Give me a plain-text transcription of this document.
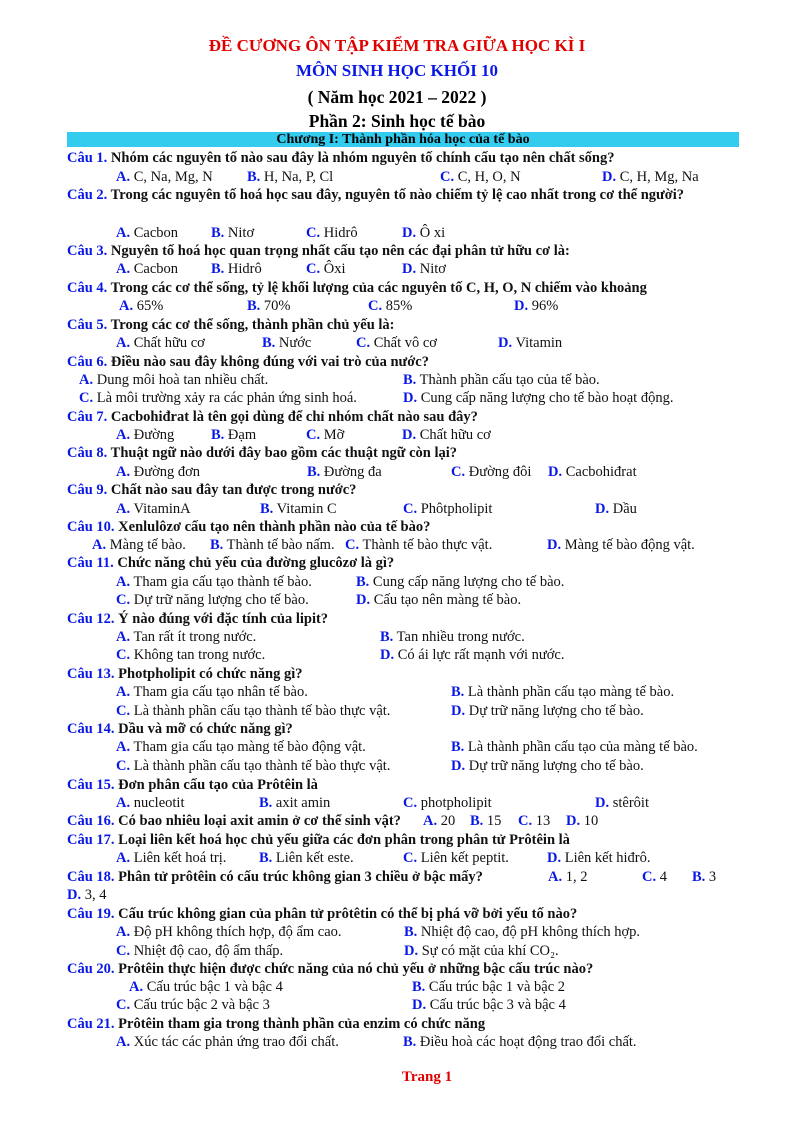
ĐỀ CƯƠNG ÔN TẬP KIỂM TRA GIỮA HỌC KÌ I
MÔN SINH HỌC KHỐI 10
( Năm học 2021 – 2022 )
Phần 2: Sinh học tế bào
Chương I: Thành phần hóa học của tế bào
Câu 1. Nhóm các nguyên tố nào sau đây là nhóm nguyên tố chính cấu tạo nên chất sống?
A. C, Na, Mg, N B. H, Na, P, Cl	C. C, H, O, N	D. C, H, Mg, Na
Câu 2. Trong các nguyên tố hoá học sau đây, nguyên tố nào chiếm tỷ lệ cao nhất trong cơ thể người?
A. Cacbon B. Nitơ	C. Hidrô	D. Ô xi
Câu 3. Nguyên tố hoá học quan trọng nhất cấu tạo nên các đại phân tử hữu cơ là:
A. Cacbon B. Hidrô	C. Ôxi	D. Nitơ
Câu 4. Trong các cơ thể sống, tỷ lệ khối lượng của các nguyên tố C, H, O, N chiếm vào khoảng
A. 65%	B. 70%	C. 85%	D. 96%
Câu 5. Trong các cơ thể sống, thành phần chủ yếu là:
A. Chất hữu cơ	B. Nước	C. Chất vô cơ	D. Vitamin
Câu 6. Điều nào sau đây không đúng với vai trò của nước?
A. Dung môi hoà tan nhiều chất.	B. Thành phần cấu tạo của tế bào.
C. Là môi trường xảy ra các phản ứng sinh hoá.	D. Cung cấp năng lượng cho tế bào hoạt động.
Câu 7. Cacbohiđrat là tên gọi dùng để chỉ nhóm chất nào sau đây?
A. Đường	B. Đạm	C. Mỡ	D. Chất hữu cơ
Câu 8. Thuật ngữ nào dưới đây bao gồm các thuật ngữ còn lại?
A. Đường đơn	B. Đường đa	C. Đường đôi D. Cacbohiđrat
Câu 9. Chất nào sau đây tan được trong nước?
A. VitaminA	B. Vitamin C	C. Phôtpholipit	D. Dầu
Câu 10. Xenlulôzơ cấu tạo nên thành phần nào của tế bào?
A. Màng tế bào. B. Thành tế bào nấm. C. Thành tế bào thực vật.	D. Màng tế bào động vật.
Câu 11. Chức năng chủ yếu của đường glucôzơ là gì?
A. Tham gia cấu tạo thành tế bào.	B. Cung cấp năng lượng cho tế bào.
C. Dự trữ năng lượng cho tế bào.	D. Cấu tạo nên màng tế bào.
Câu 12. Ý nào đúng với đặc tính của lipit?
A. Tan rất ít trong nước.	B. Tan nhiều trong nước.
C. Không tan trong nước.	D. Có ái lực rất mạnh với nước.
Câu 13. Photpholipit có chức năng gì?
A. Tham gia cấu tạo nhân tế bào.	B. Là thành phần cấu tạo màng tế bào.
C. Là thành phần cấu tạo thành tế bào thực vật.	D. Dự trữ năng lượng cho tế bào.
Câu 14. Dầu và mỡ có chức năng gì?
A. Tham gia cấu tạo màng tế bào động vật.	B. Là thành phần cấu tạo của màng tế bào.
C. Là thành phần cấu tạo thành tế bào thực vật.	D. Dự trữ năng lượng cho tế bào.
Câu 15. Đơn phân cấu tạo của Prôtêin là
A. nucleotit	B. axit amin	C. photpholipit	D. stêrôit
Câu 16. Có bao nhiêu loại axit amin ở cơ thể sinh vật?	A. 20 B. 15 C. 13 D. 10
Câu 17. Loại liên kết hoá học chủ yếu giữa các đơn phân trong phân tử Prôtêin là
A. Liên kết hoá trị. B. Liên kết este.	C. Liên kết peptit.	D. Liên kết hiđrô.
Câu 18. Phân tử prôtêin có cấu trúc không gian 3 chiều ở bậc mấy?	A. 1, 2	C. 4 B. 3
D. 3, 4
Câu 19. Cấu trúc không gian của phân tử prôtêtin có thể bị phá vỡ bởi yếu tố nào?
A. Độ pH không thích hợp, độ ẩm cao.	B. Nhiệt độ cao, độ pH không thích hợp.
C. Nhiệt độ cao, độ ẩm thấp.	D. Sự có mặt của khí CO₂.
Câu 20. Prôtêin thực hiện được chức năng của nó chủ yếu ở những bậc cấu trúc nào?
A. Cấu trúc bậc 1 và bậc 4	B. Cấu trúc bậc 1 và bậc 2
C. Cấu trúc bậc 2 và bậc 3	D. Cấu trúc bậc 3 và bậc 4
Câu 21. Prôtêin tham gia trong thành phần của enzim có chức năng
A. Xúc tác các phản ứng trao đổi chất.	B. Điều hoà các hoạt động trao đổi chất.
Trang 1
